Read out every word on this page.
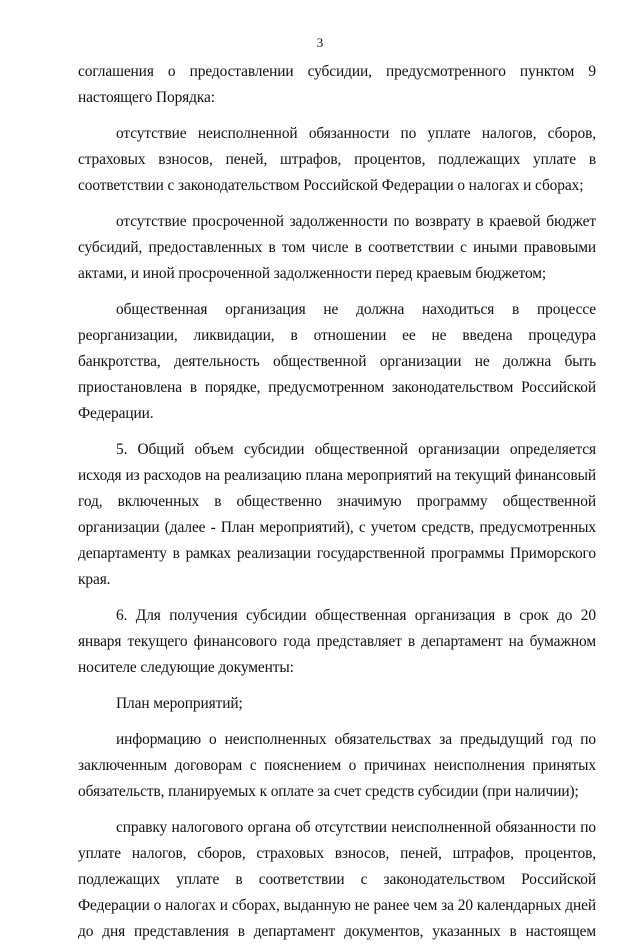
3

соглашения о предоставлении субсидии, предусмотренного пунктом 9 настоящего Порядка:

отсутствие неисполненной обязанности по уплате налогов, сборов, страховых взносов, пеней, штрафов, процентов, подлежащих уплате в соответствии с законодательством Российской Федерации о налогах и сборах;

отсутствие просроченной задолженности по возврату в краевой бюджет субсидий, предоставленных в том числе в соответствии с иными правовыми актами, и иной просроченной задолженности перед краевым бюджетом;

общественная организация не должна находиться в процессе реорганизации, ликвидации, в отношении ее не введена процедура банкротства, деятельность общественной организации не должна быть приостановлена в порядке, предусмотренном законодательством Российской Федерации.

5. Общий объем субсидии общественной организации определяется исходя из расходов на реализацию плана мероприятий на текущий финансовый год, включенных в общественно значимую программу общественной организации (далее - План мероприятий), с учетом средств, предусмотренных департаменту в рамках реализации государственной программы Приморского края.

6. Для получения субсидии общественная организация в срок до 20 января текущего финансового года представляет в департамент на бумажном носителе следующие документы:

План мероприятий;

информацию о неисполненных обязательствах за предыдущий год по заключенным договорам с пояснением о причинах неисполнения принятых обязательств, планируемых к оплате за счет средств субсидии (при наличии);

справку налогового органа об отсутствии неисполненной обязанности по уплате налогов, сборов, страховых взносов, пеней, штрафов, процентов, подлежащих уплате в соответствии с законодательством Российской Федерации о налогах и сборах, выданную не ранее чем за 20 календарных дней до дня представления в департамент документов, указанных в настоящем
